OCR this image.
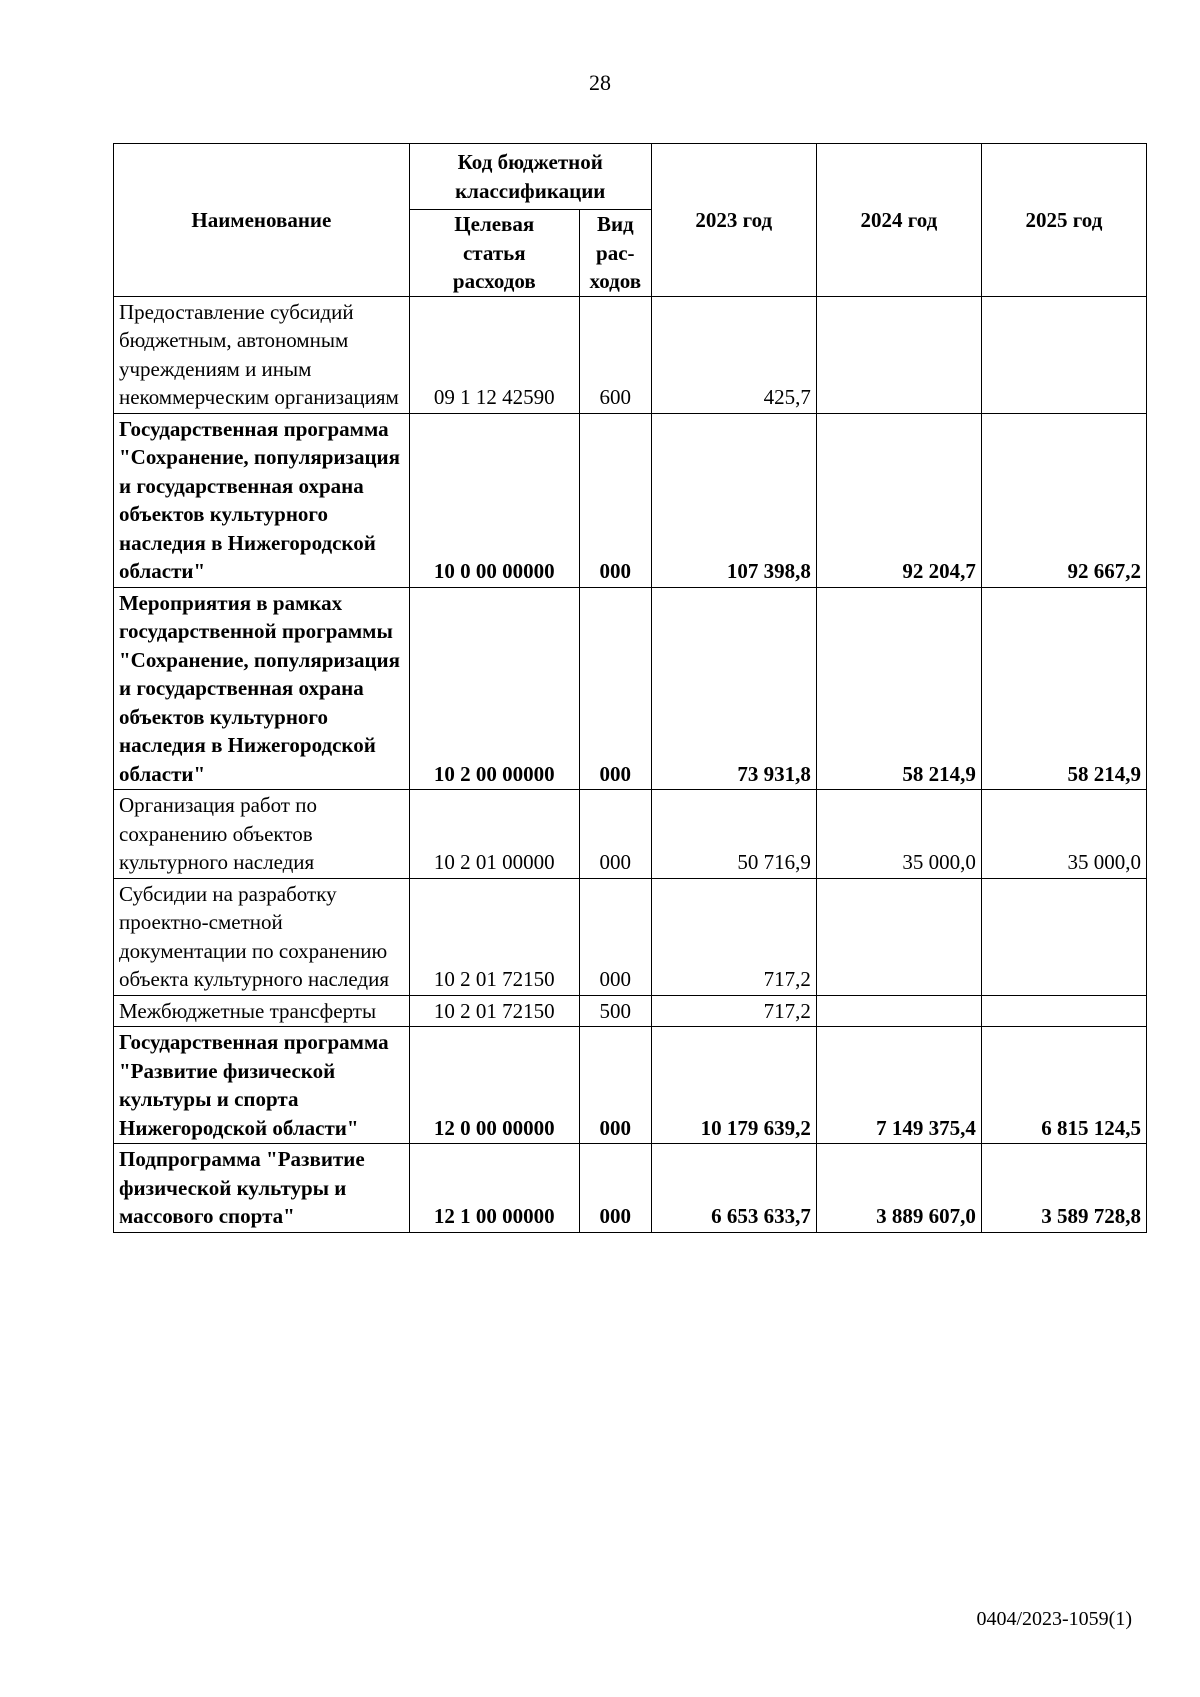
28
Наименование	Код бюджетной классификации		2023 год	2024 год	2025 год
	Целевая статья расходов	Вид рас-ходов			
Предоставление субсидий бюджетным, автономным учреждениям и иным некоммерческим организациям	09 1 12 42590	600	425,7		
Государственная программа "Сохранение, популяризация и государственная охрана объектов культурного наследия в Нижегородской области"	10 0 00 00000	000	107 398,8	92 204,7	92 667,2
Мероприятия в рамках государственной программы "Сохранение, популяризация и государственная охрана объектов культурного наследия в Нижегородской области"	10 2 00 00000	000	73 931,8	58 214,9	58 214,9
Организация работ по сохранению объектов культурного наследия	10 2 01 00000	000	50 716,9	35 000,0	35 000,0
Субсидии на разработку проектно-сметной документации по сохранению объекта культурного наследия	10 2 01 72150	000	717,2		
Межбюджетные трансферты	10 2 01 72150	500	717,2		
Государственная программа "Развитие физической культуры и спорта Нижегородской области"	12 0 00 00000	000	10 179 639,2	7 149 375,4	6 815 124,5
Подпрограмма "Развитие физической культуры и массового спорта"	12 1 00 00000	000	6 653 633,7	3 889 607,0	3 589 728,8
0404/2023-1059(1)
